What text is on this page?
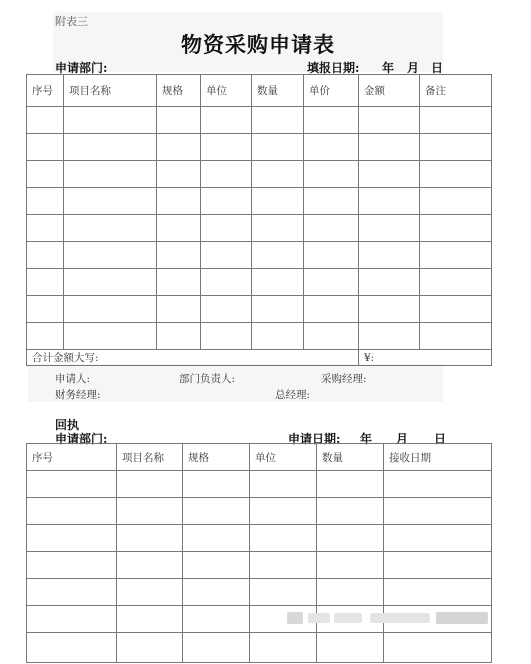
附表三
物资采购申请表
申请部门:	填报日期: 年 月 日
序号	项目名称	规格	单位	数量	单价	金额	备注

合计金额大写:						¥:	
申请人:	部门负责人:	采购经理:
财务经理:	总经理:
回执
申请部门:	申请日期: 年 月 日
序号	项目名称	规格	单位	数量	接收日期
